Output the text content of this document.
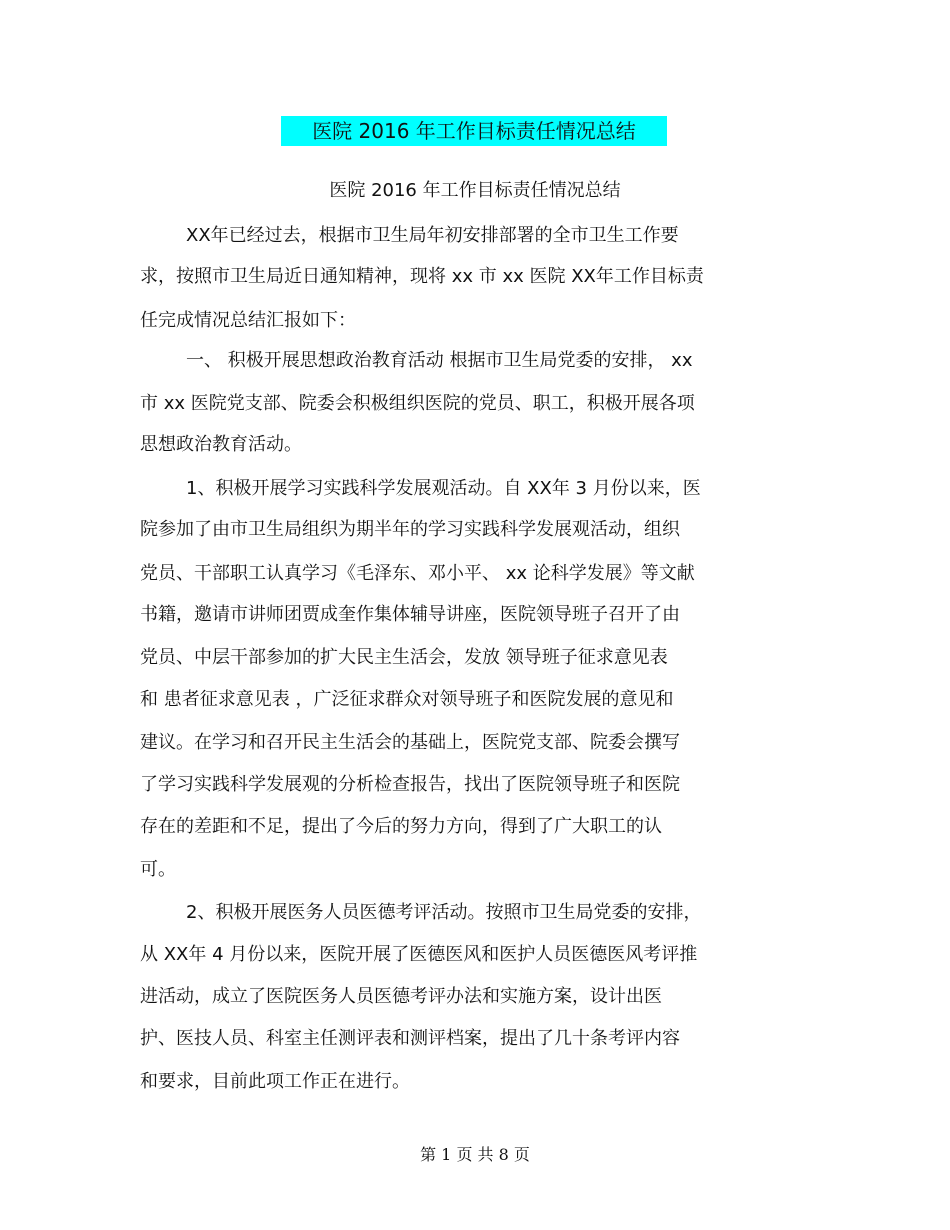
医院 2016 年工作目标责任情况总结
医院 2016 年工作目标责任情况总结
XX年已经过去，根据市卫生局年初安排部署的全市卫生工作要
求，按照市卫生局近日通知精神，现将 xx 市 xx 医院 XX年工作目标责
任完成情况总结汇报如下：
一、 积极开展思想政治教育活动 根据市卫生局党委的安排， xx
市 xx 医院党支部、院委会积极组织医院的党员、职工，积极开展各项
思想政治教育活动。
1、积极开展学习实践科学发展观活动。自 XX年 3 月份以来，医
院参加了由市卫生局组织为期半年的学习实践科学发展观活动，组织
党员、干部职工认真学习《毛泽东、邓小平、 xx 论科学发展》等文献
书籍，邀请市讲师团贾成奎作集体辅导讲座，医院领导班子召开了由
党员、中层干部参加的扩大民主生活会，发放 领导班子征求意见表
和 患者征求意见表 ，广泛征求群众对领导班子和医院发展的意见和
建议。在学习和召开民主生活会的基础上，医院党支部、院委会撰写
了学习实践科学发展观的分析检查报告，找出了医院领导班子和医院
存在的差距和不足，提出了今后的努力方向，得到了广大职工的认
可。
2、积极开展医务人员医德考评活动。按照市卫生局党委的安排，
从 XX年 4 月份以来，医院开展了医德医风和医护人员医德医风考评推
进活动，成立了医院医务人员医德考评办法和实施方案，设计出医
护、医技人员、科室主任测评表和测评档案，提出了几十条考评内容
和要求，目前此项工作正在进行。
第 1 页 共 8 页
